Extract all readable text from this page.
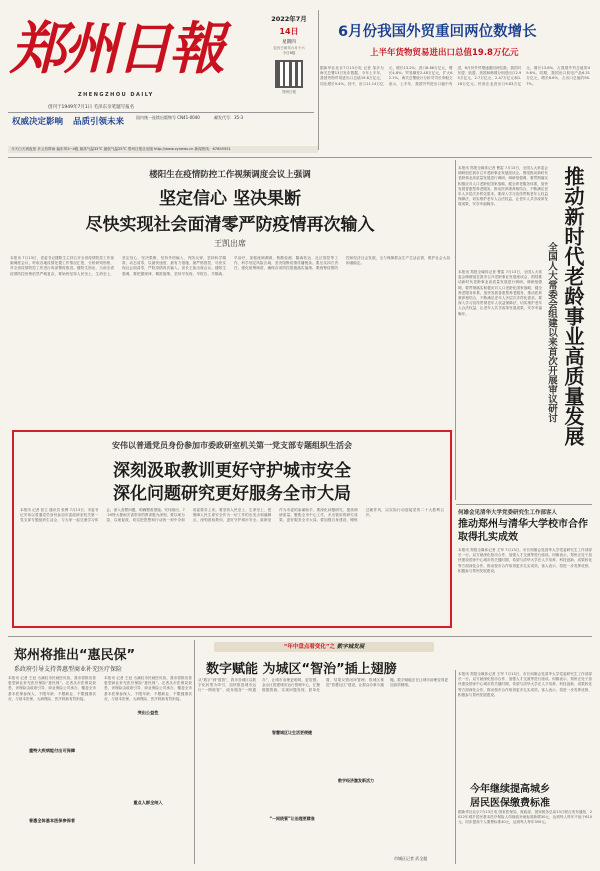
郑州日報
ZHENGZHOU DAILY
创刊于1949年7月1日 毛泽东亲笔题写报名
权威决定影响 品质引领未来	国内统一连续出版物号 CN41-0040	邮发代号：35-3
2022年7月
14日
星期四
农历壬寅年六月十六
今日8版
郑州日报
今天白天到夜里 多云有阵雨 偏东风3~4级 最高气温33℃ 最低气温25℃ 郑州日报社出版 http://www.zynews.cn 新闻热线：67655551
6月份我国外贸重回两位数增长
上半年货物贸易进出口总值19.8万亿元
据新华社北京7月13日电 记者 邹多为 海关总署13日发布数据，今年上半年，我国货物贸易进出口总值19.8万亿元，同比增长9.4%。其中，出口11.14万亿元，增长13.2%；进口8.66万亿元，增长4.8%；贸易顺差2.48万亿元，扩大62.1%。海关总署统计分析司司长李魁文表示，上半年，我国外贸进出口稳中有进，6月份外贸增速重回两位数。我国对东盟、欧盟、美国和韩国分别进出口2.95万亿元、2.7万亿元、2.47万亿元和1.18万亿元。民营企业进出口9.83万亿元，增长13.6%，占我国外贸总值的49.6%。同期，我国出口机电产品6.31万亿元，增长8.6%，占出口总值的56.7%。
楼阳生在疫情防控工作视频调度会议上强调
坚定信心 坚决果断
尽快实现社会面清零严防疫情再次输入
王凯出席
本报讯 7月13日，省委书记楼阳生主持召开全省疫情防控工作视频调度会议，听取各地疫情处置工作情况汇报，分析研判形势，对全省疫情防控工作进行再部署再推进。楼阳生指出，当前全省疫情防控形势依然严峻复杂，要始终坚持人民至上、生命至上，坚定信心、坚决果断，坚持外防输入、内防反弹，坚持科学精准、动态清零，以最快速度、最有力措施、最严格管控，尽快实现社会面清零，严防疫情再次输入。省长王凯出席会议。楼阳生强调，要把握规律、精准施策，坚持早发现、早报告、早隔离、早治疗，加强流调溯源、核酸检测、隔离转运、社区管控等工作，科学划定风险区域，坚决阻断疫情传播链条。要压实四方责任，强化统筹调度，确保各项防控措施落实落细。要统筹疫情防控和经济社会发展，全力保障群众生产生活必需，维护社会大局和谐稳定。
本报讯 郑报全媒体记者 曹雷 7月13日，全国人大常委会调研组在我市召开老龄事业发展座谈会，围绕推动新时代老龄事业高质量发展进行调研。调研组强调，要贯彻落实积极应对人口老龄化国家战略，健全养老服务体系，加快发展普惠型养老服务，推动医养康养相结合，不断满足老年人多层次多样化需求。要深入学习宣传贯彻老年人权益保障法，切实维护老年人合法权益，让老年人共享改革发展成果，安享幸福晚年。	推动新时代老龄事业高质量发展
全国人大常委会组建以来首次开展审议研讨
本报讯 郑报全媒体记者 曹雷 7月13日，全国人大常委会调研组在我市召开老龄事业发展座谈会，围绕推动新时代老龄事业高质量发展进行调研。调研组强调，要贯彻落实积极应对人口老龄化国家战略，健全养老服务体系，加快发展普惠型养老服务，推动医养康养相结合，不断满足老年人多层次多样化需求。要深入学习宣传贯彻老年人权益保障法，切实维护老年人合法权益，让老年人共享改革发展成果，安享幸福晚年。
安伟以普通党员身份参加市委政研室机关第一党支部专题组织生活会
深刻汲取教训更好守护城市安全
深化问题研究更好服务全市大局
本报讯 记者 张立 通讯员 张博 7月13日，市委书记安伟以普通党员身份参加市委政研室机关第一党支部专题组织生活会，与大家一起交流学习体会，深入查摆问题，明确整改措施。安伟指出，7·20特大暴雨灾害带来的教训极为深刻，要以案为鉴、以案促改，切实把思想和行动统一到中央和省委要求上来。要坚持人民至上、生命至上，把保障人民生命安全作为一切工作的出发点和落脚点，深刻汲取教训，更好守护城市安全。政研室作为市委的参谋助手，要深化问题研究，提高调研质量，聚焦全市中心工作，多出管用的研究成果，更好服务全市大局。要加强自身建设，锤炼过硬作风，以实际行动迎接党的二十大胜利召开。	何雄会见清华大学党委研究生工作部客人
推动郑州与清华大学校市合作取得扎实成效
本报讯 郑报全媒体记者 王军 7月13日，市长何雄会见清华大学党委研究生工作部部长一行。双方就深化校市合作、加强人才交流等进行座谈。何雄表示，郑州正处于加快建设国家中心城市的关键时期，希望与清华大学在人才培养、科技创新、成果转化等方面深化合作，推动校市合作取得更多扎实成效。客人表示，将进一步发挥优势，积极参与郑州发展建设。
郑州将推出“惠民保”
系政府引导支持普惠型商业补充医疗保险
本报讯 记者 王冠 为减轻市民就医负担，我市将推出普惠型商业补充医疗保险“惠民保”。记者从市医保局获悉，该保险由政府引导、商业保险公司承办，覆盖全市基本医保参保人，不限年龄、不限职业、不限健康状况，与基本医保、大病保险、医疗救助有效衔接。
重特大疾病能付出可保障
重点人群全纳入
普惠全体基本医保参保者
突出公益性
本报讯 记者 王冠 为减轻市民就医负担，我市将推出普惠型商业补充医疗保险“惠民保”。记者从市医保局获悉，该保险由政府引导、商业保险公司承办，覆盖全市基本医保参保人，不限年龄、不限职业、不限健康状况，与基本医保、大病保险、医疗救助有效衔接。
“年中盘点看变化”之 数字城发展
数字赋能 为城区“智治”插上翅膀
从“数字”到“数智”，我市各城区以数字化转型为牵引，加快推进城市运行“一网统管”、政务服务“一网通办”，让城市治理更聪明、更智慧。金水区搭建城市运行管理中心，汇聚数据资源，实现问题发现、派单处置、结果反馈闭环管理；管城区推进“智慧社区”建设，让群众办事少跑腿。数字赋能正在让城市治理变得更加高效精细。
智慧城区让生活更便捷
数字经济激发新活力
“一网统管”让治理更精准
市城区记者 武全超
今年继续提高城乡
居民医保缴费标准
据新华社北京7月13日电 国家医保局、财政部、国家税务总局13日联合发布通知，2022年城乡居民基本医疗保险人均财政补助标准新增30元，达到每人每年不低于610元，同步提高个人缴费标准40元，达到每人每年350元。
本报讯 郑报全媒体记者 王军 7月13日，市长何雄会见清华大学党委研究生工作部部长一行。双方就深化校市合作、加强人才交流等进行座谈。何雄表示，郑州正处于加快建设国家中心城市的关键时期，希望与清华大学在人才培养、科技创新、成果转化等方面深化合作，推动校市合作取得更多扎实成效。客人表示，将进一步发挥优势，积极参与郑州发展建设。
